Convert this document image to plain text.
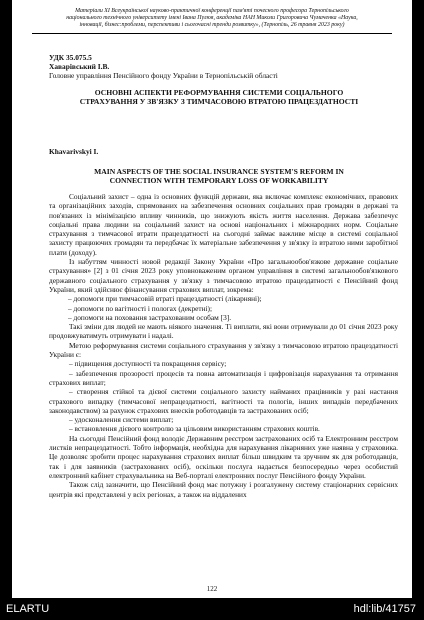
Матеріали XI Всеукраїнської науково-практичної конференції пам'яті почесного професора Тернопільського
національного технічного університету імені Івана Пулюя, академіка НАН Миколи Григоровича Чумаченка «Наука,
інновації, бізнес:проблеми, перспективи і сьогочасні тренди розвитку», (Тернопіль, 26 травня 2023 року)
УДК 35.075.5
Хаварівський І.В.
Головне управління Пенсійного фонду України в Тернопільській області
ОСНОВНІ АСПЕКТИ РЕФОРМУВАННЯ СИСТЕМИ СОЦІАЛЬНОГО
СТРАХУВАННЯ У ЗВ'ЯЗКУ З ТИМЧАСОВОЮ ВТРАТОЮ ПРАЦЕЗДАТНОСТІ
Khavarivskyi I.
MAIN ASPECTS OF THE SOCIAL INSURANCE SYSTEM'S REFORM IN
CONNECTION WITH TEMPORARY LOSS OF WORKABILITY

Соціальний захист – одна із основних функцій держави, яка включає комплекс економічних, правових та організаційних заходів, спрямованих на забезпечення основних соціальних прав громадян в державі та пов'язаних із мінімізацією впливу чинників, що знижують якість життя населення. Держава забезпечує соціальні права людини на соціальний захист на основі національних і міжнародних норм. Соціальне страхування з тимчасової втрати працездатності на сьогодні займає важливе місце в системі соціальної захисту працюючих громадян та передбачає їх матеріальне забезпечення у зв'язку із втратою ними заробітної плати (доходу).

Із набуттям чинності новой редакції Закону України «Про загальнообов'язкове державне соціальне страхування» [2] з 01 січня 2023 року уповноваженим органом управління в системі загальнообов'язкового державного соціального страхування у зв'язку з тимчасовою втратою працездатності є Пенсійний фонд України, який здійснює фінансування страхових виплат, зокрема:

– допомоги при тимчасовій втраті працездатності (лікарняні);

– допомоги по вагітності і пологах (декретні);

– допомоги на поховання застрахованим особам [3].

Такі зміни для людей не мають ніякого значення. Ті виплати, які вони отримували до 01 січня 2023 року продовжуватимуть отримувати і надалі.

Метою реформування системи соціального страхування у зв'язку з тимчасовою втратою працездатності України є:

– підвищення доступності та покращення сервісу;

– забезпечення прозорості процесів та повна автоматизація і цифровізація нарахування та отримання страхових виплат;

– створення стійкої та дієвої системи соціального захисту найманих працівників у разі настання страхового випадку (тимчасової непрацездатності, вагітності та пологів, інших випадків передбачених законодавством) за рахунок страхових внесків роботодавців та застрахованих осіб;

– удосконалення системи виплат;

– встановлення дієвого контролю за цільовим використанням страхових коштів.

На сьогодні Пенсійний фонд володіє Державним реєстром застрахованих осіб та Електронним реєстром листків непрацездатності. Тобто інформація, необхідна для нарахування лікарняних уже наявна у страховика. Це дозволяє зробити процес нарахування страхових виплат більш швидким та зручним як для роботодавців, так і для заявників (застрахованих осіб), оскільки послуга надається безпосередньо через особистий електронний кабінет страхувальника на Веб-порталі електронних послуг Пенсійного фонду України.

Також слід зазначити, що Пенсійний фонд має потужну і розгалужену систему стаціонарних сервісних центрів які представлені у всіх регіонах, а також на віддалених

122
ELARTU	hdl:lib/41757
